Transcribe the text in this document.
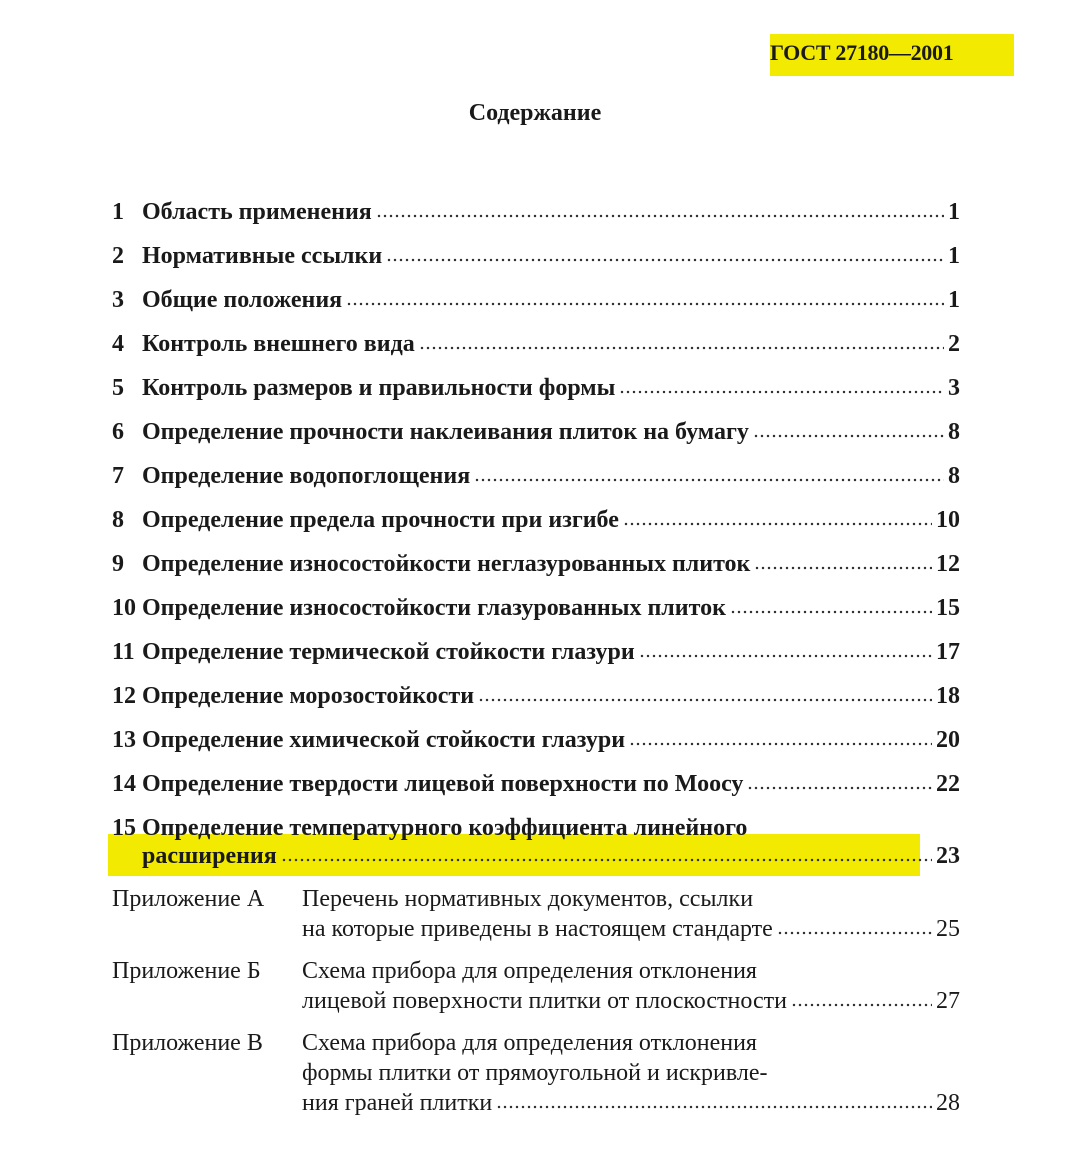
ГОСТ 27180—2001
Содержание
1 Область применения	1
2 Нормативные ссылки	1
3 Общие положения	1
4 Контроль внешнего вида	2
5 Контроль размеров и правильности формы	3
6 Определение прочности наклеивания плиток на бумагу	8
7 Определение водопоглощения	8
8 Определение предела прочности при изгибе	10
9 Определение износостойкости неглазурованных плиток	12
10 Определение износостойкости глазурованных плиток	15
11 Определение термической стойкости глазури	17
12 Определение морозостойкости	18
13 Определение химической стойкости глазури	20
14 Определение твердости лицевой поверхности по Моосу	22
15 Определение температурного коэффициента линейного
расширения	23
Приложение А	Перечень нормативных документов, ссылки
на которые приведены в настоящем стандарте	25
Приложение Б	Схема прибора для определения отклонения
лицевой поверхности плитки от плоскостности	27
Приложение В	Схема прибора для определения отклонения
формы плитки от прямоугольной и искривле-
ния граней плитки	28
